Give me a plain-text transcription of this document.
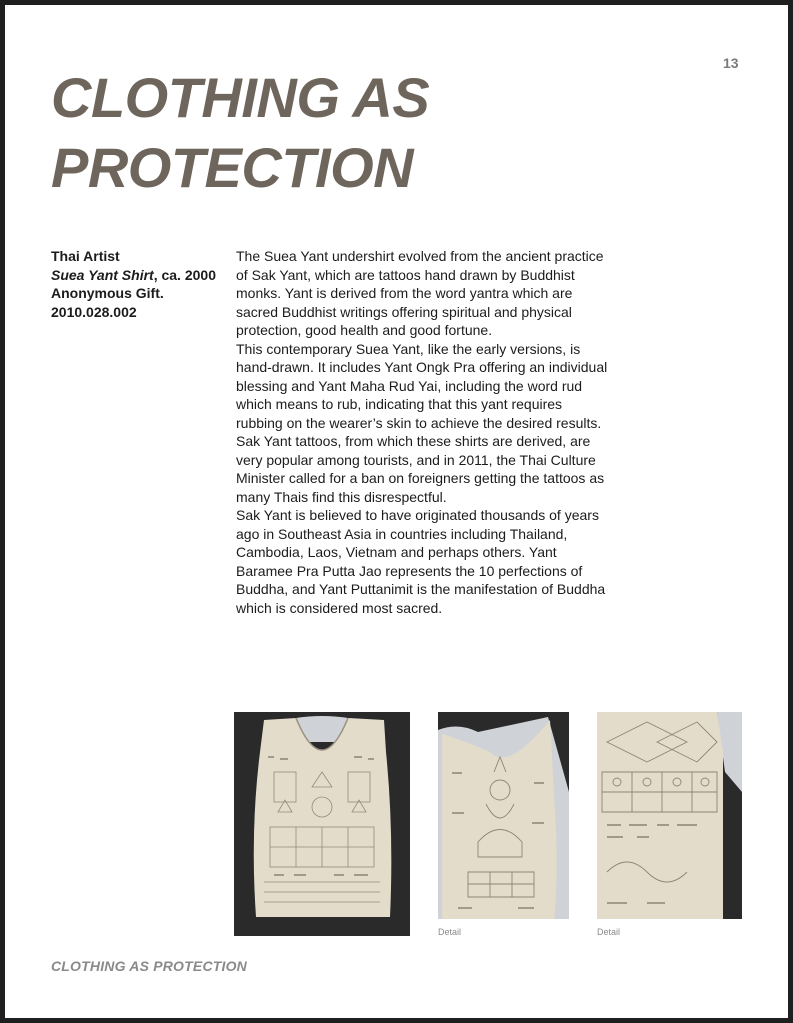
13
CLOTHING AS
PROTECTION
Thai Artist
Suea Yant Shirt, ca. 2000
Anonymous Gift.
2010.028.002

The Suea Yant undershirt evolved from the ancient practice of Sak Yant, which are tattoos hand drawn by Buddhist monks. Yant is derived from the word yantra which are sacred Buddhist writings offering spiritual and physical protection, good health and good fortune.

This contemporary Suea Yant, like the early versions, is hand-drawn. It includes Yant Ongk Pra offering an individual blessing and Yant Maha Rud Yai, including the word rud which means to rub, indicating that this yant requires rubbing on the wearer’s skin to achieve the desired results.

Sak Yant tattoos, from which these shirts are derived, are very popular among tourists, and in 2011, the Thai Culture Minister called for a ban on foreigners getting the tattoos as many Thais find this disrespectful.

Sak Yant is believed to have originated thousands of years ago in Southeast Asia in countries including Thailand, Cambodia, Laos, Vietnam and perhaps others. Yant Baramee Pra Putta Jao represents the 10 perfections of Buddha, and Yant Puttanimit is the manifestation of Buddha which is considered most sacred.

Detail	Detail
CLOTHING AS PROTECTION
